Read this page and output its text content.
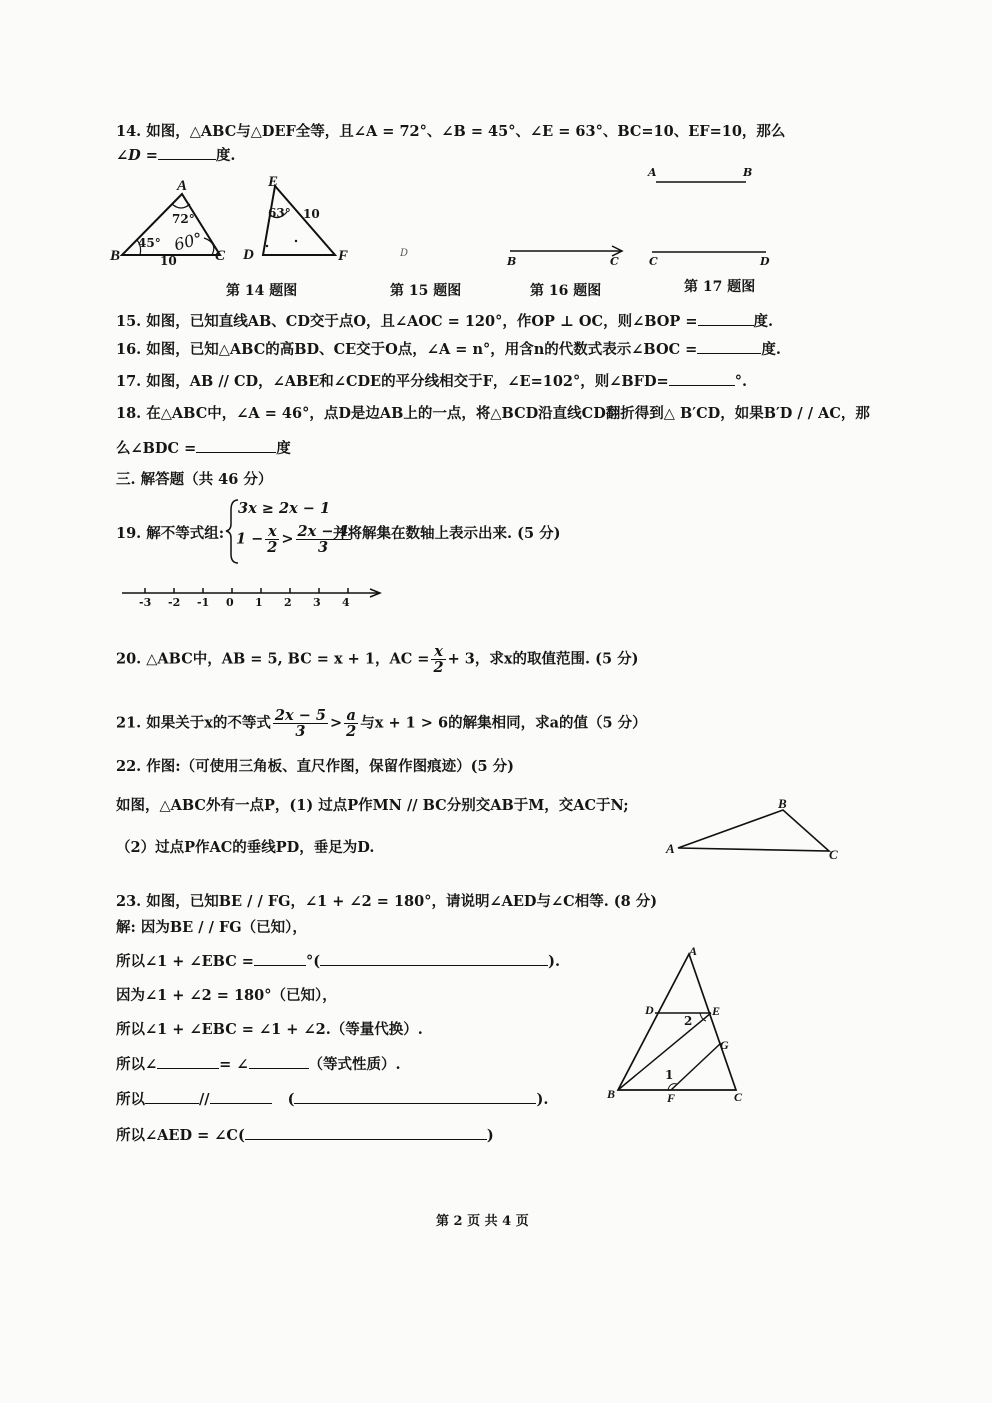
14. 如图，△ABC与△DEF全等，且∠A = 72°、∠B = 45°、∠E = 63°、BC=10、EF=10，那么
∠D =	度.
A
B	C
72°
45°
10
60°
E
D	F
63° 10
D
B	C
A	B
C	D
第 14 题图	第 15 题图	第 16 题图	第 17 题图
15. 如图，已知直线AB、CD交于点O，且∠AOC = 120°，作OP ⊥ OC，则∠BOP =	度.
16. 如图，已知△ABC的高BD、CE交于O点，∠A = n°，用含n的代数式表示∠BOC =	度.
17. 如图，AB // CD，∠ABE和∠CDE的平分线相交于F，∠E=102°，则∠BFD=	°.
18. 在△ABC中，∠A = 46°，点D是边AB上的一点，将△BCD沿直线CD翻折得到△ B′CD，如果B′D / / AC，那
么∠BDC =	度
三. 解答题（共 46 分）
19. 解不等式组:
3x ≥ 2x − 1
$1 - \frac{x}{2} > \frac{2x - 4}{3}$
并将解集在数轴上表示出来. (5 分)
-3 -2 -1 0 1 2 3 4
20. △ABC中，AB = 5, BC = x + 1，AC = $\frac{x}{2} + 3$，求x的取值范围. (5 分)
21. 如果关于x的不等式 $\frac{2x - 5}{3} > \frac{a}{2}$ 与x + 1 > 6的解集相同，求a的值（5 分）
22. 作图:（可使用三角板、直尺作图，保留作图痕迹）(5 分)
如图，△ABC外有一点P，(1) 过点P作MN // BC分别交AB于M，交AC于N;
（2）过点P作AC的垂线PD，垂足为D.	A
B
C
23. 如图，已知BE / / FG，∠1 + ∠2 = 180°，请说明∠AED与∠C相等. (8 分)
解: 因为BE / / FG（已知），
所以∠1 + ∠EBC =	°(	).
因为∠1 + ∠2 = 180°（已知），
所以∠1 + ∠EBC = ∠1 + ∠2.（等量代换）.
所以∠	= ∠	（等式性质）.
所以	//	(	).
所以∠AED = ∠C(	)
A
D	E
G
B	F	C
1
2
第 2 页 共 4 页
